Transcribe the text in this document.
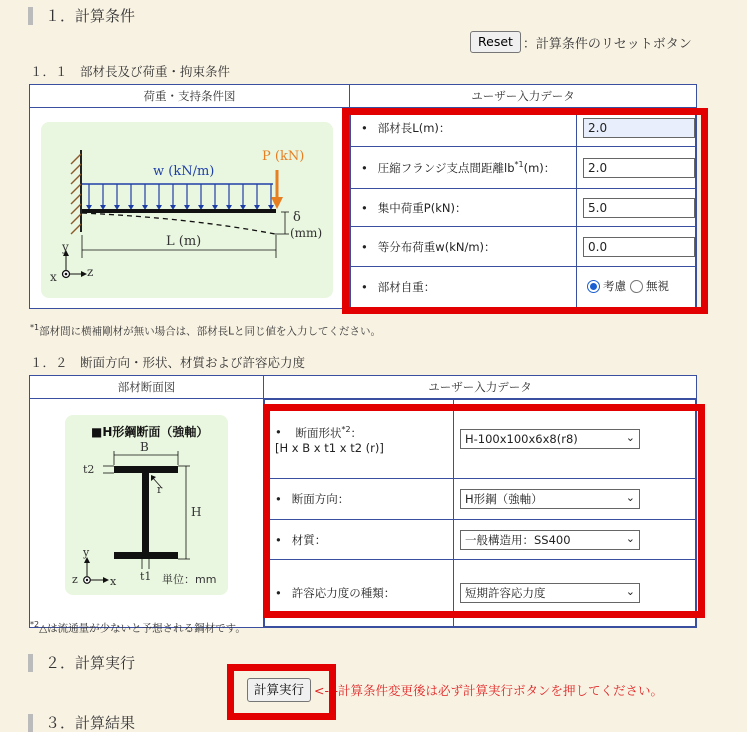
１．計算条件
Reset ：計算条件のリセットボタン
１．１　部材長及び荷重・拘束条件
荷重・支持条件図	ユーザー入力データ

• 部材長L(m)：	2.0

• 圧縮フランジ支点間距離$lb^{*1}(m)$：	2.0

• 集中荷重P(kN)：	5.0

• 等分布荷重w(kN/m)：	0.0

• 部材自重：	考慮 無視
w (kN/m)
P (kN)
L (m)
δ
(mm)
y
x	z
$^{*1}$部材間に横補剛材が無い場合は、部材長Lと同じ値を入力してください。
１．２　断面方向・形状、材質および許容応力度
部材断面図	ユーザー入力データ

• 断面形状$^{*2}$：
[H x B x t1 x t2 (r)]	
H-100x100x6x8(r8)	⌄

• 断面方向：	H形鋼（強軸）	⌄

• 材質：	一般構造用：SS400	⌄

• 許容応力度の種類：	短期許容応力度	⌄
■H形鋼断面（強軸）
B
t2
r
H
t1
y
z	x	単位：mm
$^{*2}$△は流通量が少ないと予想される鋼材です。
２．計算実行
計算実行 <---計算条件変更後は必ず計算実行ボタンを押してください。
３．計算結果
